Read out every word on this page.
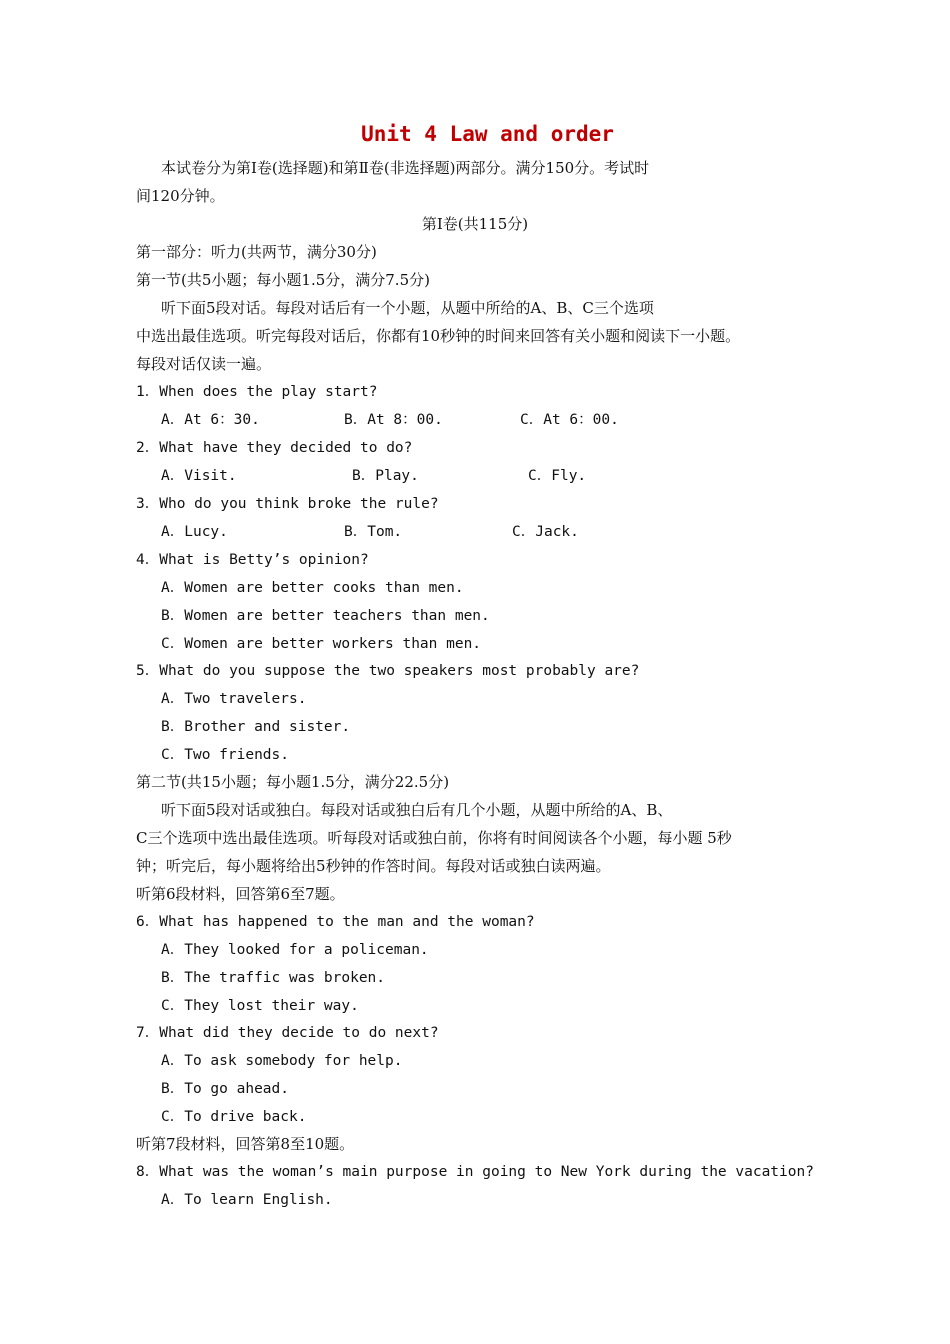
Unit 4 Law and order
本试卷分为第Ⅰ卷(选择题)和第Ⅱ卷(非选择题)两部分。满分150分。考试时
间120分钟。
第Ⅰ卷(共115分)
第一部分：听力(共两节，满分30分)
第一节(共5小题；每小题1.5分，满分7.5分)
听下面5段对话。每段对话后有一个小题，从题中所给的A、B、C三个选项
中选出最佳选项。听完每段对话后，你都有10秒钟的时间来回答有关小题和阅读下一小题。
每段对话仅读一遍。
1．When does the play start?
A．At 6：30.	B．At 8：00.	C．At 6：00.
2．What have they decided to do?
A．Visit.	B．Play.	C．Fly.
3．Who do you think broke the rule?
A．Lucy.	B．Tom.	C．Jack.
4．What is Betty’s opinion?
A．Women are better cooks than men.
B．Women are better teachers than men.
C．Women are better workers than men.
5．What do you suppose the two speakers most probably are?
A．Two travelers.
B．Brother and sister.
C．Two friends.
第二节(共15小题；每小题1.5分，满分22.5分)
听下面5段对话或独白。每段对话或独白后有几个小题，从题中所给的A、B、
C三个选项中选出最佳选项。听每段对话或独白前，你将有时间阅读各个小题，每小题 5秒
钟；听完后，每小题将给出5秒钟的作答时间。每段对话或独白读两遍。
听第6段材料，回答第6至7题。
6．What has happened to the man and the woman?
A．They looked for a policeman.
B．The traffic was broken.
C．They lost their way.
7．What did they decide to do next?
A．To ask somebody for help.
B．To go ahead.
C．To drive back.
听第7段材料，回答第8至10题。
8．What was the woman’s main purpose in going to New York during the vacation?
A．To learn English.
